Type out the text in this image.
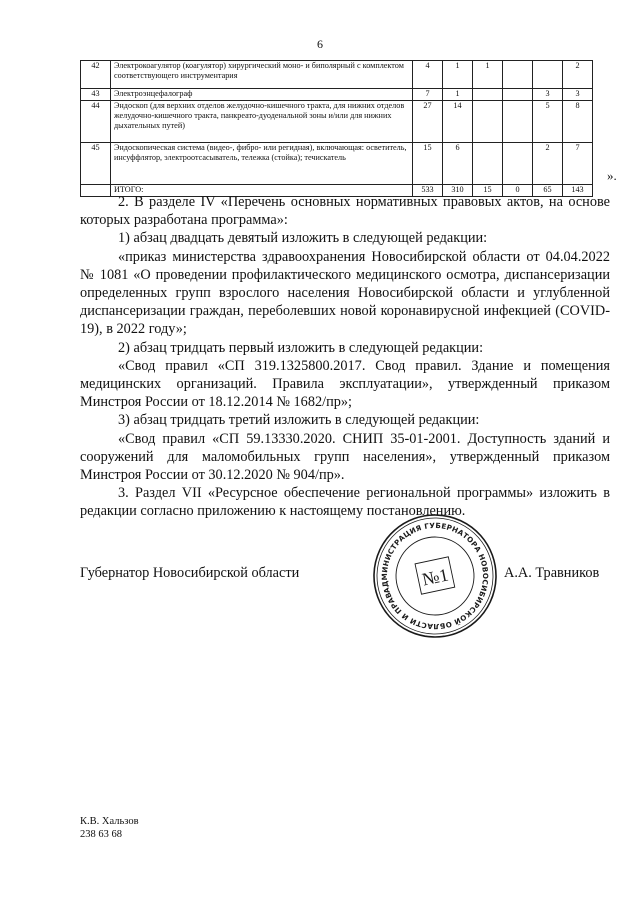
6
42	Электрокоагулятор (коагулятор) хирургический моно- и биполярный с комплектом соответствующего инструментария	4	1	1			2
43	Электроэнцефалограф	7	1			3	3
44	Эндоскоп (для верхних отделов желудочно-кишечного тракта, для нижних отделов желудочно-кишечного тракта, панкреато-дуоденальной зоны и/или для нижних дыхательных путей)	27	14			5	8
45	Эндоскопическая система (видео-, фибро- или регидная), включающая: осветитель, инсуффлятор, электроотсасыватель, тележка (стойка); течискатель	15	6			2	7
	ИТОГО:	533	310	15	0	65	143
».

2. В разделе IV «Перечень основных нормативных правовых актов, на основе которых разработана программа»:

1) абзац двадцать девятый изложить в следующей редакции:

«приказ министерства здравоохранения Новосибирской области от 04.04.2022 № 1081 «О проведении профилактического медицинского осмотра, диспансеризации определенных групп взрослого населения Новосибирской области и углубленной диспансеризации граждан, переболевших новой коронавирусной инфекцией (COVID-19), в 2022 году»;

2) абзац тридцать первый изложить в следующей редакции:

«Свод правил «СП 319.1325800.2017. Свод правил. Здание и помещения медицинских организаций. Правила эксплуатации», утвержденный приказом Минстроя России от 18.12.2014 № 1682/пр»;

3) абзац тридцать третий изложить в следующей редакции:

«Свод правил «СП 59.13330.2020. СНИП 35-01-2001. Доступность зданий и сооружений для маломобильных групп населения», утвержденный приказом Минстроя России от 30.12.2020 № 904/пр».

3. Раздел VII «Ресурсное обеспечение региональной программы» изложить в редакции согласно приложению к настоящему постановлению.

Губернатор Новосибирской области	А.А. Травников
АДМИНИСТРАЦИЯ ГУБЕРНАТОРА НОВОСИБИРСКОЙ ОБЛАСТИ И ПРАВИТЕЛЬСТВА
№1
К.В. Хальзов
238 63 68
